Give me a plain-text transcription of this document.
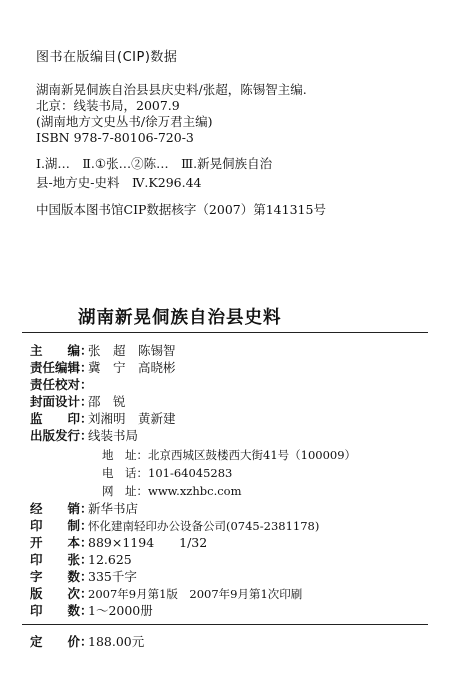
图书在版编目(CIP)数据
湖南新晃侗族自治县县庆史料/张超，陈锡智主编.
北京：线装书局，2007.9
(湖南地方文史丛书/徐万君主编)
ISBN 978-7-80106-720-3
Ⅰ.湖…　Ⅱ.①张…②陈…　Ⅲ.新晃侗族自治
县-地方史-史料　Ⅳ.K296.44
中国版本图书馆CIP数据核字（2007）第141315号
湖南新晃侗族自治县史料
主　　编：张　超　陈锡智
责任编辑：冀　宁　高晓彬
责任校对：
封面设计：邵　锐
监　　印：刘湘明　黄新建
出版发行：线装书局
地　址：北京西城区鼓楼西大街41号（100009）
电　话：101-64045283
网　址：www.xzhbc.com
经　　销：新华书店
印　　制：怀化建南轻印办公设备公司(0745-2381178)
开　　本：889×1194　　1/32
印　　张：12.625
字　　数：335千字
版　　次：2007年9月第1版　2007年9月第1次印刷
印　　数：1～2000册
定　　价：188.00元
